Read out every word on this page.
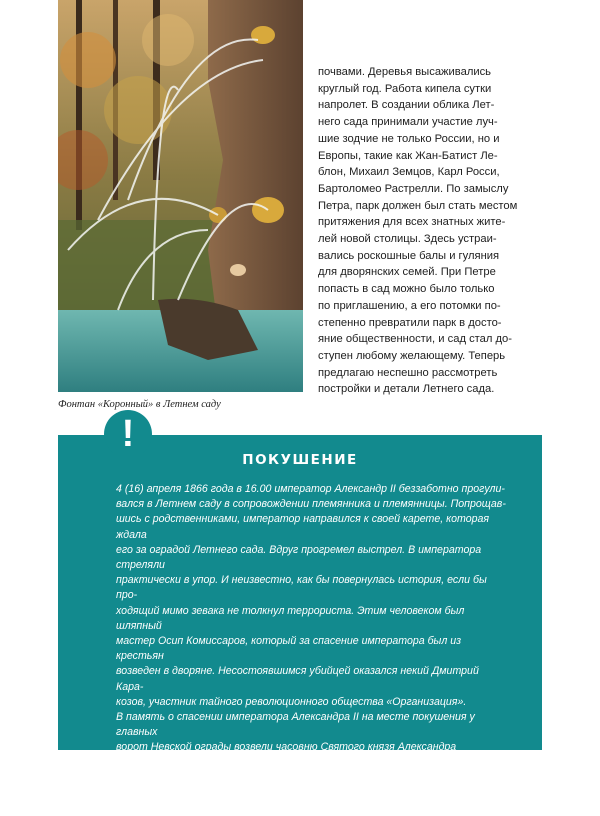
Фонтан «Коронный» в Летнем саду

почвами. Деревья высаживались
круглый год. Работа кипела сутки
напролет. В создании облика Лет-
него сада принимали участие луч-
шие зодчие не только России, но и
Европы, такие как Жан-Батист Ле-
блон, Михаил Земцов, Карл Росси,
Бартоломео Растрелли. По замыслу
Петра, парк должен был стать местом
притяжения для всех знатных жите-
лей новой столицы. Здесь устраи-
вались роскошные балы и гуляния
для дворянских семей. При Петре
попасть в сад можно было только
по приглашению, а его потомки по-
степенно превратили парк в досто-
яние общественности, и сад стал до-
ступен любому желающему. Теперь
предлагаю неспешно рассмотреть
постройки и детали Летнего сада.

!
ПОКУШЕНИЕ

4 (16) апреля 1866 года в 16.00 император Александр II беззаботно прогули-
вался в Летнем саду в сопровождении племянника и племянницы. Попрощав-
шись с родственниками, император направился к своей карете, которая ждала
его за оградой Летнего сада. Вдруг прогремел выстрел. В императора стреляли
практически в упор. И неизвестно, как бы повернулась история, если бы про-
ходящий мимо зевака не толкнул террориста. Этим человеком был шляпный
мастер Осип Комиссаров, который за спасение императора был из крестьян
возведен в дворяне. Несостоявшимся убийцей оказался некий Дмитрий Кара-
козов, участник тайного революционного общества «Организация».
В память о спасении императора Александра II на месте покушения у главных
ворот Невской ограды возвели часовню Святого князя Александра Невского,
из-за которой пришлось снять часть решетки. Лишь в 1930 году часовня была
демонтирована, а ограде вернули прежний оригинальный вид.
